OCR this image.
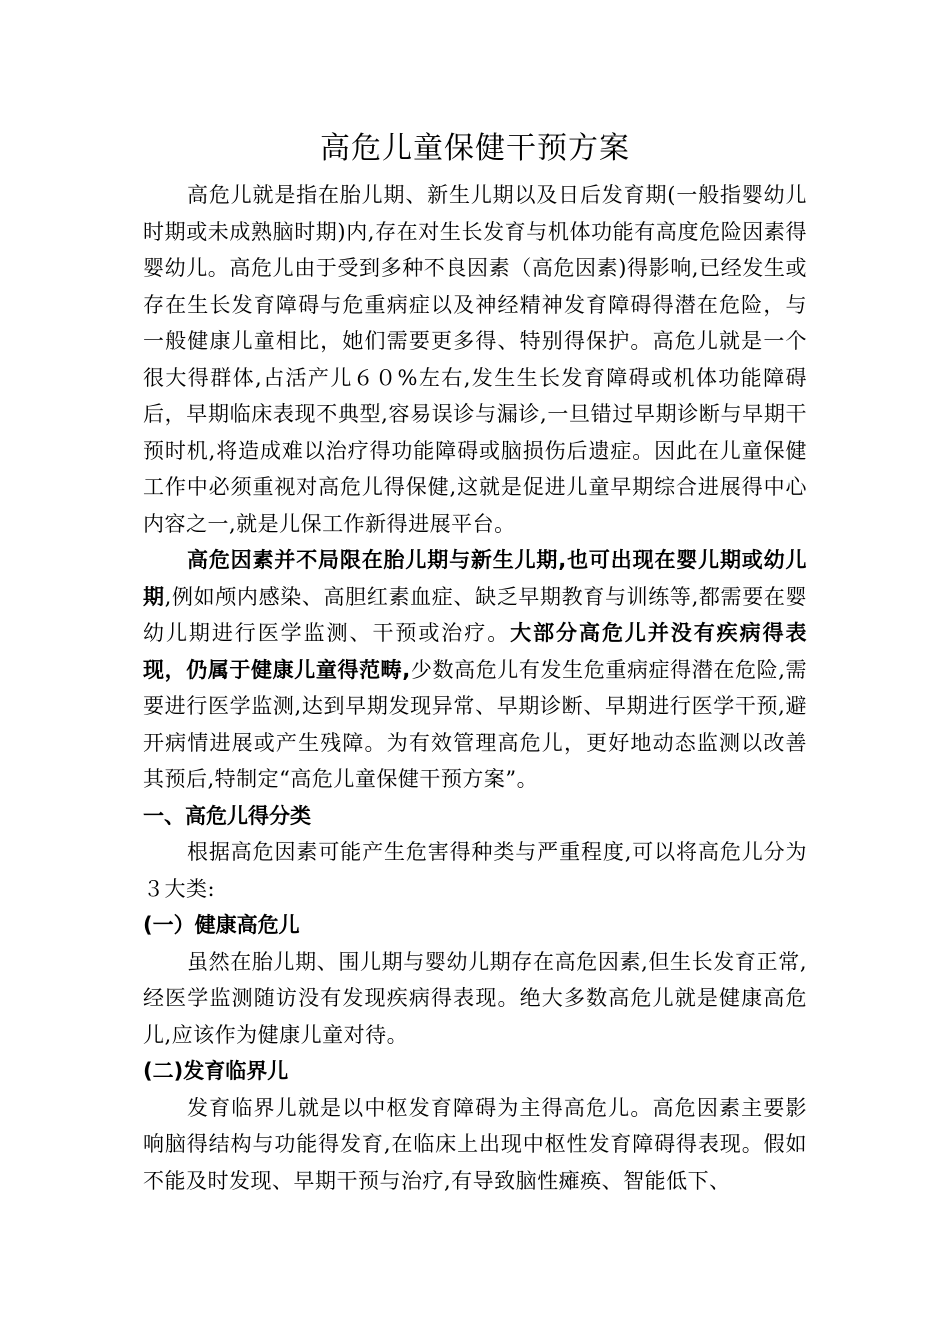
高危儿童保健干预方案

高危儿就是指在胎儿期、新生儿期以及日后发育期(一般指婴幼儿时期或未成熟脑时期)内,存在对生长发育与机体功能有高度危险因素得婴幼儿。高危儿由于受到多种不良因素（高危因素)得影响,已经发生或存在生长发育障碍与危重病症以及神经精神发育障碍得潜在危险，与一般健康儿童相比，她们需要更多得、特别得保护。高危儿就是一个很大得群体,占活产儿６０%左右,发生生长发育障碍或机体功能障碍后，早期临床表现不典型,容易误诊与漏诊,一旦错过早期诊断与早期干预时机,将造成难以治疗得功能障碍或脑损伤后遗症。因此在儿童保健工作中必须重视对高危儿得保健,这就是促进儿童早期综合进展得中心内容之一,就是儿保工作新得进展平台。

高危因素并不局限在胎儿期与新生儿期,也可出现在婴儿期或幼儿期,例如颅内感染、高胆红素血症、缺乏早期教育与训练等,都需要在婴幼儿期进行医学监测、干预或治疗。大部分高危儿并没有疾病得表现，仍属于健康儿童得范畴,少数高危儿有发生危重病症得潜在危险,需要进行医学监测,达到早期发现异常、早期诊断、早期进行医学干预,避开病情进展或产生残障。为有效管理高危儿，更好地动态监测以改善其预后,特制定“高危儿童保健干预方案”。

一、高危儿得分类

根据高危因素可能产生危害得种类与严重程度,可以将高危儿分为３大类:

(一）健康高危儿

虽然在胎儿期、围儿期与婴幼儿期存在高危因素,但生长发育正常,经医学监测随访没有发现疾病得表现。绝大多数高危儿就是健康高危儿,应该作为健康儿童对待。

(二)发育临界儿

发育临界儿就是以中枢发育障碍为主得高危儿。高危因素主要影响脑得结构与功能得发育,在临床上出现中枢性发育障碍得表现。假如不能及时发现、早期干预与治疗,有导致脑性瘫痪、智能低下、
